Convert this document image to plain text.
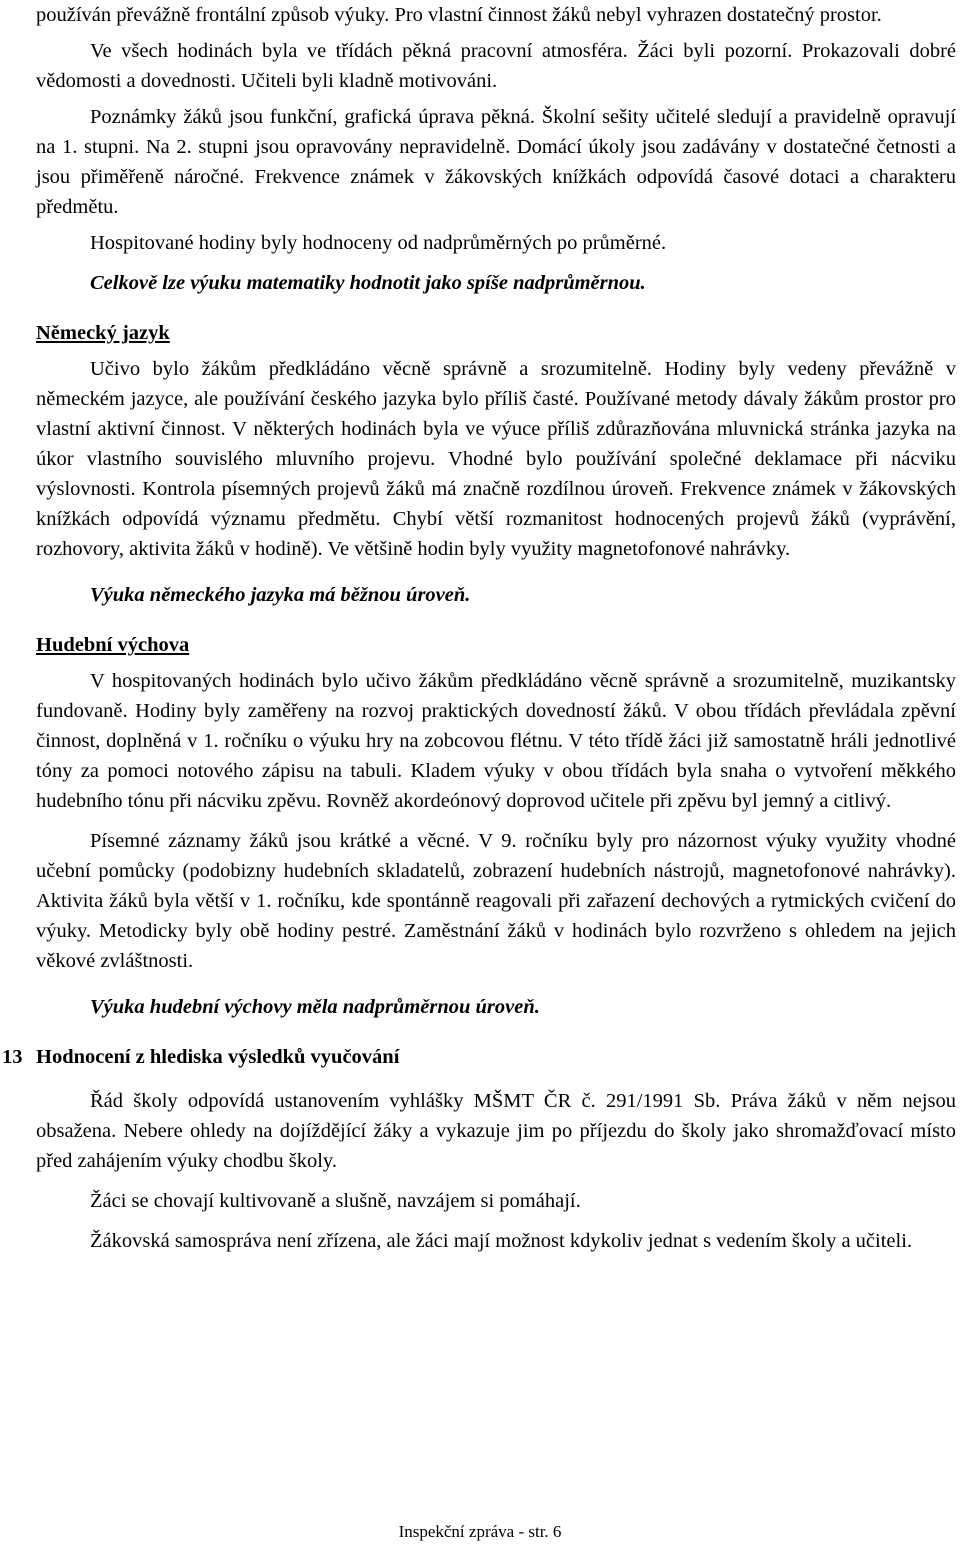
používán převážně frontální způsob výuky. Pro vlastní činnost žáků nebyl vyhrazen dostatečný prostor.

Ve všech hodinách byla ve třídách pěkná pracovní atmosféra. Žáci byli pozorní. Prokazovali dobré vědomosti a dovednosti. Učiteli byli kladně motivováni.

Poznámky žáků jsou funkční, grafická úprava pěkná. Školní sešity učitelé sledují a pravidelně opravují na 1. stupni. Na 2. stupni jsou opravovány nepravidelně. Domácí úkoly jsou zadávány v dostatečné četnosti a jsou přiměřeně náročné. Frekvence známek v žákovských knížkách odpovídá časové dotaci a charakteru předmětu.

Hospitované hodiny byly hodnoceny od nadprůměrných po průměrné.

Celkově lze výuku matematiky hodnotit jako spíše nadprůměrnou.

Německý jazyk

Učivo bylo žákům předkládáno věcně správně a srozumitelně. Hodiny byly vedeny převážně v německém jazyce, ale používání českého jazyka bylo příliš časté. Používané metody dávaly žákům prostor pro vlastní aktivní činnost. V některých hodinách byla ve výuce příliš zdůrazňována mluvnická stránka jazyka na úkor vlastního souvislého mluvního projevu. Vhodné bylo používání společné deklamace při nácviku výslovnosti. Kontrola písemných projevů žáků má značně rozdílnou úroveň. Frekvence známek v žákovských knížkách odpovídá významu předmětu. Chybí větší rozmanitost hodnocených projevů žáků (vyprávění, rozhovory, aktivita žáků v hodině). Ve většině hodin byly využity magnetofonové nahrávky.

Výuka německého jazyka má běžnou úroveň.

Hudební výchova

V hospitovaných hodinách bylo učivo žákům předkládáno věcně správně a srozumitelně, muzikantsky fundovaně. Hodiny byly zaměřeny na rozvoj praktických dovedností žáků. V obou třídách převládala zpěvní činnost, doplněná v 1. ročníku o výuku hry na zobcovou flétnu. V této třídě žáci již samostatně hráli jednotlivé tóny za pomoci notového zápisu na tabuli. Kladem výuky v obou třídách byla snaha o vytvoření měkkého hudebního tónu při nácviku zpěvu. Rovněž akordeónový doprovod učitele při zpěvu byl jemný a citlivý.

Písemné záznamy žáků jsou krátké a věcné. V 9. ročníku byly pro názornost výuky využity vhodné učební pomůcky (podobizny hudebních skladatelů, zobrazení hudebních nástrojů, magnetofonové nahrávky). Aktivita žáků byla větší v 1. ročníku, kde spontánně reagovali při zařazení dechových a rytmických cvičení do výuky. Metodicky byly obě hodiny pestré. Zaměstnání žáků v hodinách bylo rozvrženo s ohledem na jejich věkové zvláštnosti.

Výuka hudební výchovy měla nadprůměrnou úroveň.

13 Hodnocení z hlediska výsledků vyučování

Řád školy odpovídá ustanovením vyhlášky MŠMT ČR č. 291/1991 Sb. Práva žáků v něm nejsou obsažena. Nebere ohledy na dojíždějící žáky a vykazuje jim po příjezdu do školy jako shromažďovací místo před zahájením výuky chodbu školy.

Žáci se chovají kultivovaně a slušně, navzájem si pomáhají.

Žákovská samospráva není zřízena, ale žáci mají možnost kdykoliv jednat s vedením školy a učiteli.

Inspekční zpráva - str. 6
